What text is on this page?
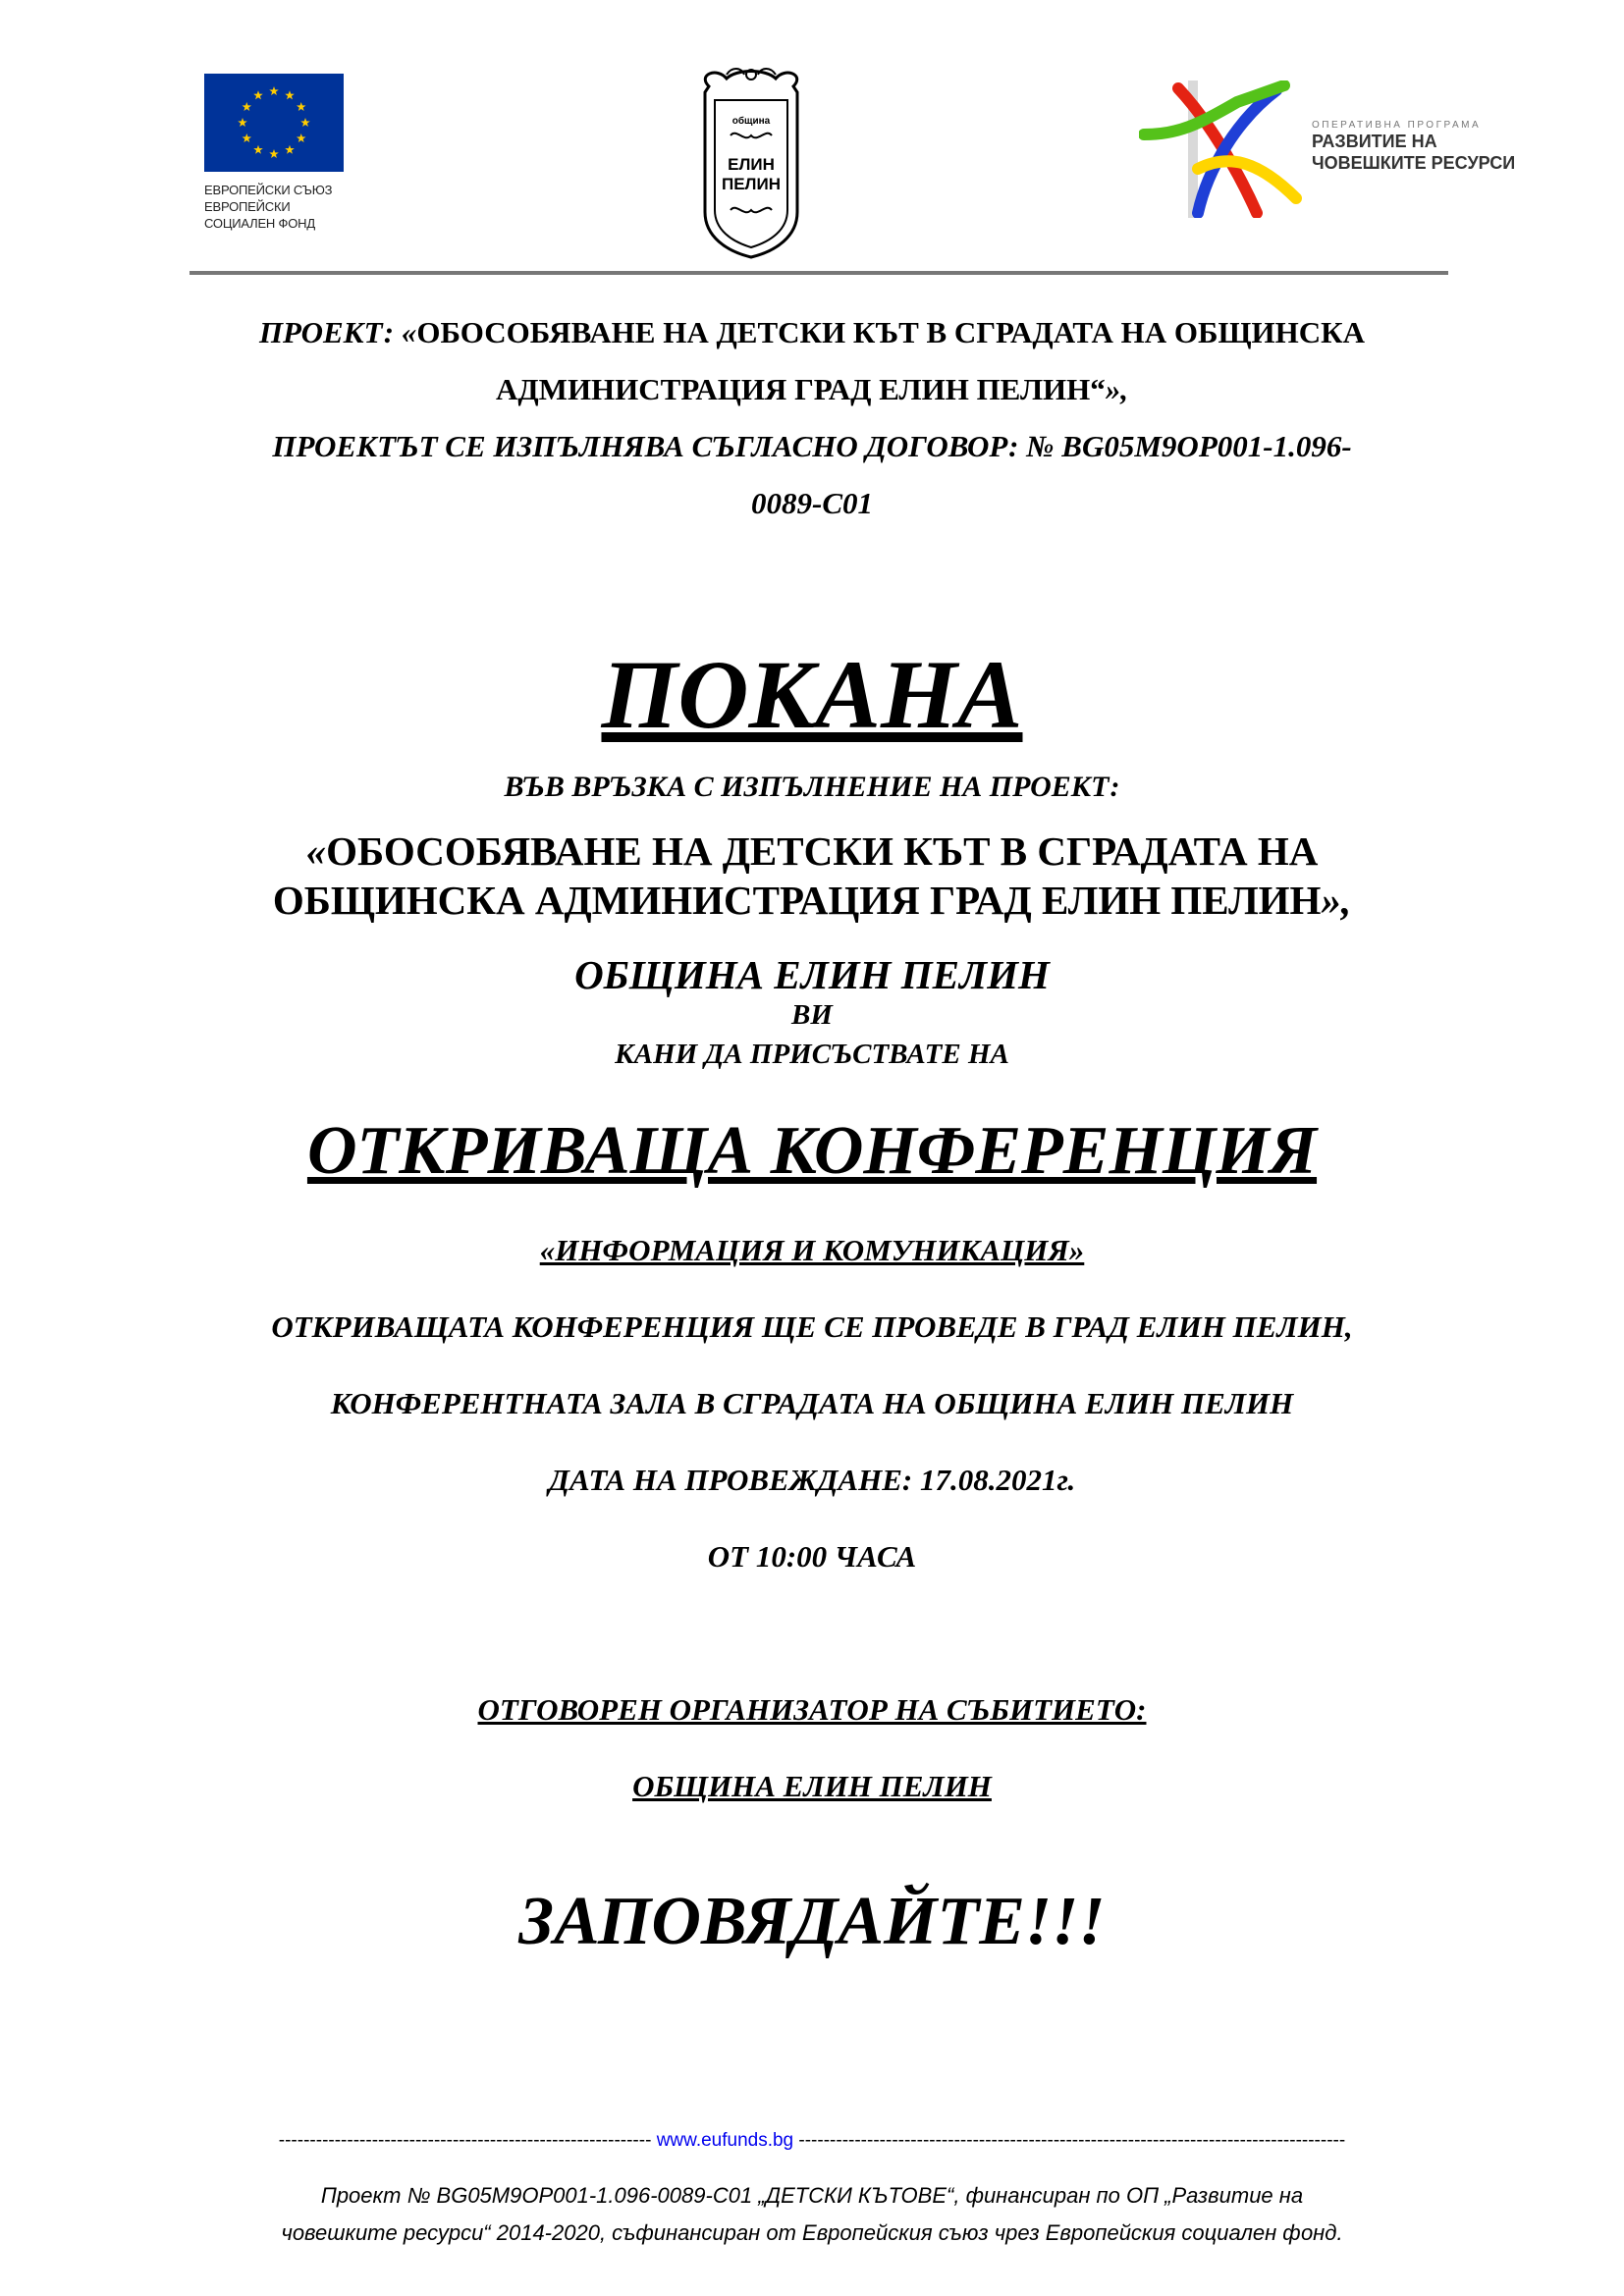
ЕВРОПЕЙСКИ СЪЮЗ
ЕВРОПЕЙСКИ
СОЦИАЛЕН ФОНД
община
ЕЛИН
ПЕЛИН
ОПЕРАТИВНА ПРОГРАМА
РАЗВИТИЕ НА
ЧОВЕШКИТЕ РЕСУРСИ
ПРОЕКТ: «ОБОСОБЯВАНЕ НА ДЕТСКИ КЪТ В СГРАДАТА НА ОБЩИНСКА
АДМИНИСТРАЦИЯ ГРАД ЕЛИН ПЕЛИН“»,
ПРОЕКТЪТ СЕ ИЗПЪЛНЯВА СЪГЛАСНО ДОГОВОР: № BG05M9OP001-1.096-
0089-C01
ПОКАНА
ВЪВ ВРЪЗКА С ИЗПЪЛНЕНИЕ НА ПРОЕКТ:
«ОБОСОБЯВАНЕ НА ДЕТСКИ КЪТ В СГРАДАТА НА
ОБЩИНСКА АДМИНИСТРАЦИЯ ГРАД ЕЛИН ПЕЛИН»,
ОБЩИНА ЕЛИН ПЕЛИН
ВИ
КАНИ ДА ПРИСЪСТВАТЕ НА
ОТКРИВАЩА КОНФЕРЕНЦИЯ
«ИНФОРМАЦИЯ И КОМУНИКАЦИЯ»
ОТКРИВАЩАТА КОНФЕРЕНЦИЯ ЩЕ СЕ ПРОВЕДЕ В ГРАД ЕЛИН ПЕЛИН,
КОНФЕРЕНТНАТА ЗАЛА В СГРАДАТА НА ОБЩИНА ЕЛИН ПЕЛИН
ДАТА НА ПРОВЕЖДАНЕ: 17.08.2021г.
ОТ 10:00 ЧАСА
ОТГОВОРЕН ОРГАНИЗАТОР НА СЪБИТИЕТО:
ОБЩИНА ЕЛИН ПЕЛИН
ЗАПОВЯДАЙТЕ!!!
------------------------------------------------------------ www.eufunds.bg ----------------------------------------------------------------------------------------
Проект № BG05M9OP001-1.096-0089-C01 „ДЕТСКИ КЪТОВЕ“, финансиран по ОП „Развитие на
човешките ресурси“ 2014-2020, съфинансиран от Европейския съюз чрез Европейския социален фонд.
